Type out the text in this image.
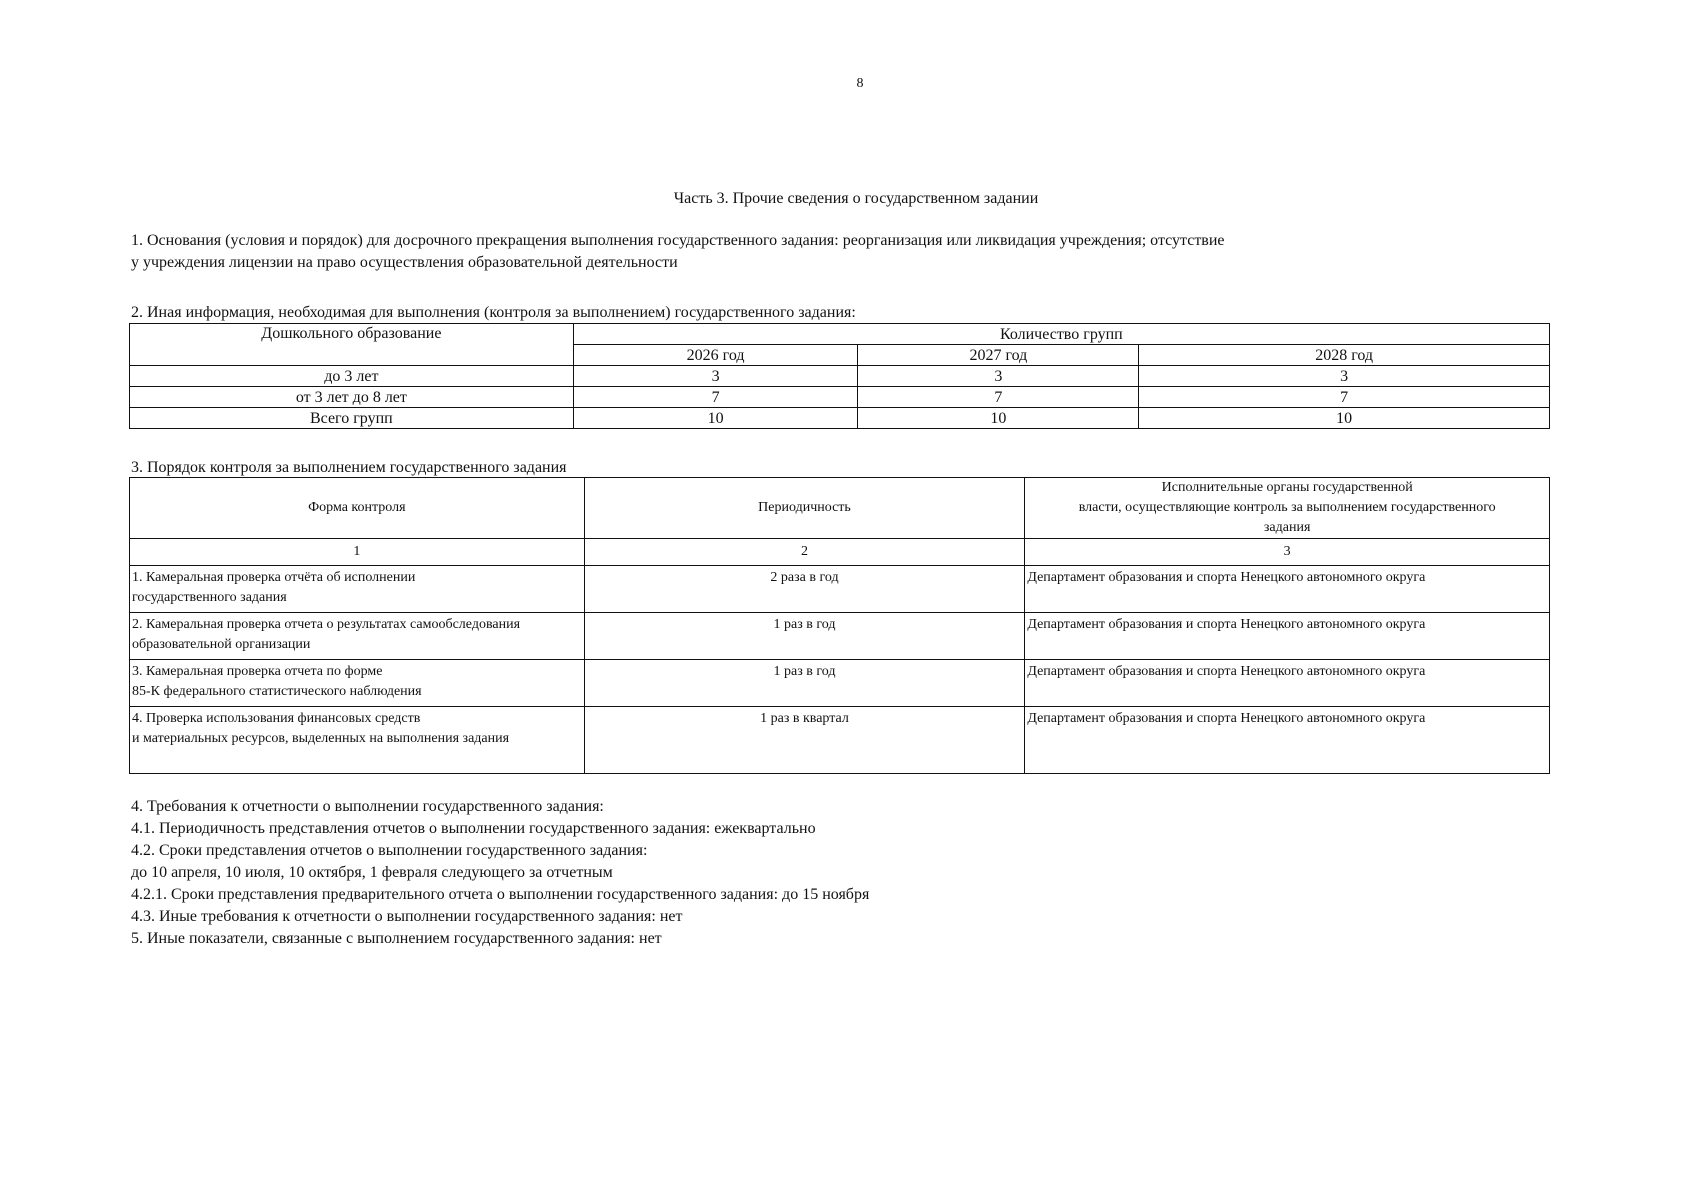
8
Часть 3. Прочие сведения о государственном задании
1. Основания (условия и порядок) для досрочного прекращения выполнения государственного задания: реорганизация или ликвидация учреждения; отсутствие
у учреждения лицензии на право осуществления образовательной деятельности
2. Иная информация, необходимая для выполнения (контроля за выполнением) государственного задания:
Дошкольного образование	Количество групп		
	2026 год	2027 год	2028 год
до 3 лет	3	3	3
от 3 лет до 8 лет	7	7	7
Всего групп	10	10	10
3. Порядок контроля за выполнением государственного задания
Форма контроля	Периодичность	Исполнительные органы государственной
власти, осуществляющие контроль за выполнением государственного
задания

1	2	3

1. Камеральная проверка отчёта об исполнении
государственного задания	2 раза в год	Департамент образования и спорта Ненецкого автономного округа

2. Камеральная проверка отчета о результатах самообследования
образовательной организации	1 раз в год	Департамент образования и спорта Ненецкого автономного округа

3. Камеральная проверка отчета по форме
85-К федерального статистического наблюдения	1 раз в год	Департамент образования и спорта Ненецкого автономного округа

4. Проверка использования финансовых средств
и материальных ресурсов, выделенных на выполнения задания	1 раз в квартал	Департамент образования и спорта Ненецкого автономного округа
4. Требования к отчетности о выполнении государственного задания:
4.1. Периодичность представления отчетов о выполнении государственного задания: ежеквартально
4.2. Сроки представления отчетов о выполнении государственного задания:
до 10 апреля, 10 июля, 10 октября, 1 февраля следующего за отчетным
4.2.1. Сроки представления предварительного отчета о выполнении государственного задания: до 15 ноября
4.3. Иные требования к отчетности о выполнении государственного задания: нет
5. Иные показатели, связанные с выполнением государственного задания: нет
